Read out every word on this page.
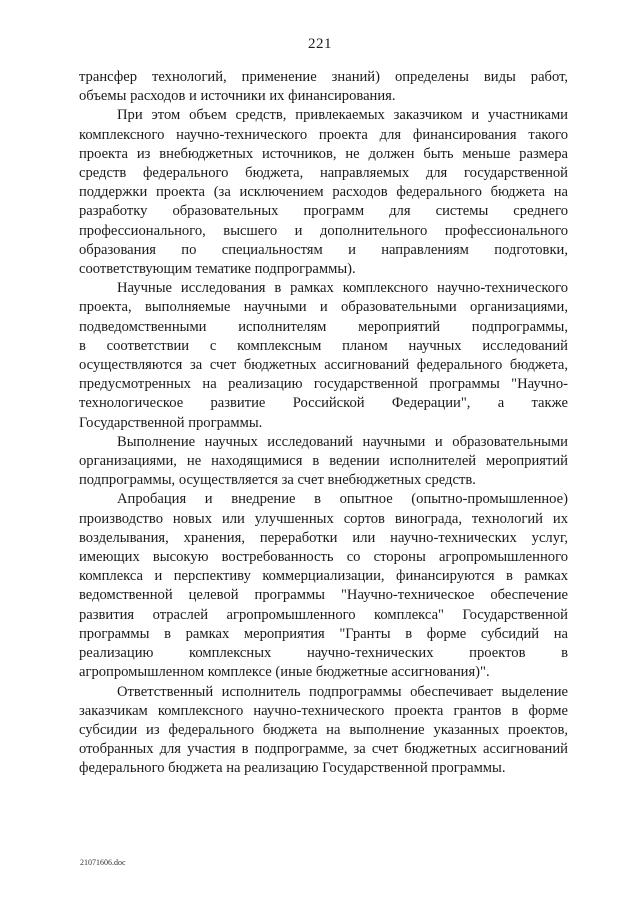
221

трансфер технологий, применение знаний) определены виды работ,
объемы расходов и источники их финансирования.

При этом объем средств, привлекаемых заказчиком и участниками
комплексного научно-технического проекта для финансирования такого
проекта из внебюджетных источников, не должен быть меньше размера
средств федерального бюджета, направляемых для государственной
поддержки проекта (за исключением расходов федерального бюджета на
разработку образовательных программ для системы среднего
профессионального, высшего и дополнительного профессионального
образования по специальностям и направлениям подготовки,
соответствующим тематике подпрограммы).

Научные исследования в рамках комплексного научно-технического
проекта, выполняемые научными и образовательными организациями,
подведомственными исполнителям мероприятий подпрограммы,
в соответствии с комплексным планом научных исследований
осуществляются за счет бюджетных ассигнований федерального бюджета,
предусмотренных на реализацию государственной программы "Научно-
технологическое развитие Российской Федерации", а также
Государственной программы.

Выполнение научных исследований научными и образовательными
организациями, не находящимися в ведении исполнителей мероприятий
подпрограммы, осуществляется за счет внебюджетных средств.

Апробация и внедрение в опытное (опытно-промышленное)
производство новых или улучшенных сортов винограда, технологий их
возделывания, хранения, переработки или научно-технических услуг,
имеющих высокую востребованность со стороны агропромышленного
комплекса и перспективу коммерциализации, финансируются в рамках
ведомственной целевой программы "Научно-техническое обеспечение
развития отраслей агропромышленного комплекса" Государственной
программы в рамках мероприятия "Гранты в форме субсидий на
реализацию комплексных научно-технических проектов в
агропромышленном комплексе (иные бюджетные ассигнования)".

Ответственный исполнитель подпрограммы обеспечивает выделение
заказчикам комплексного научно-технического проекта грантов в форме
субсидии из федерального бюджета на выполнение указанных проектов,
отобранных для участия в подпрограмме, за счет бюджетных ассигнований
федерального бюджета на реализацию Государственной программы.

21071606.doc
